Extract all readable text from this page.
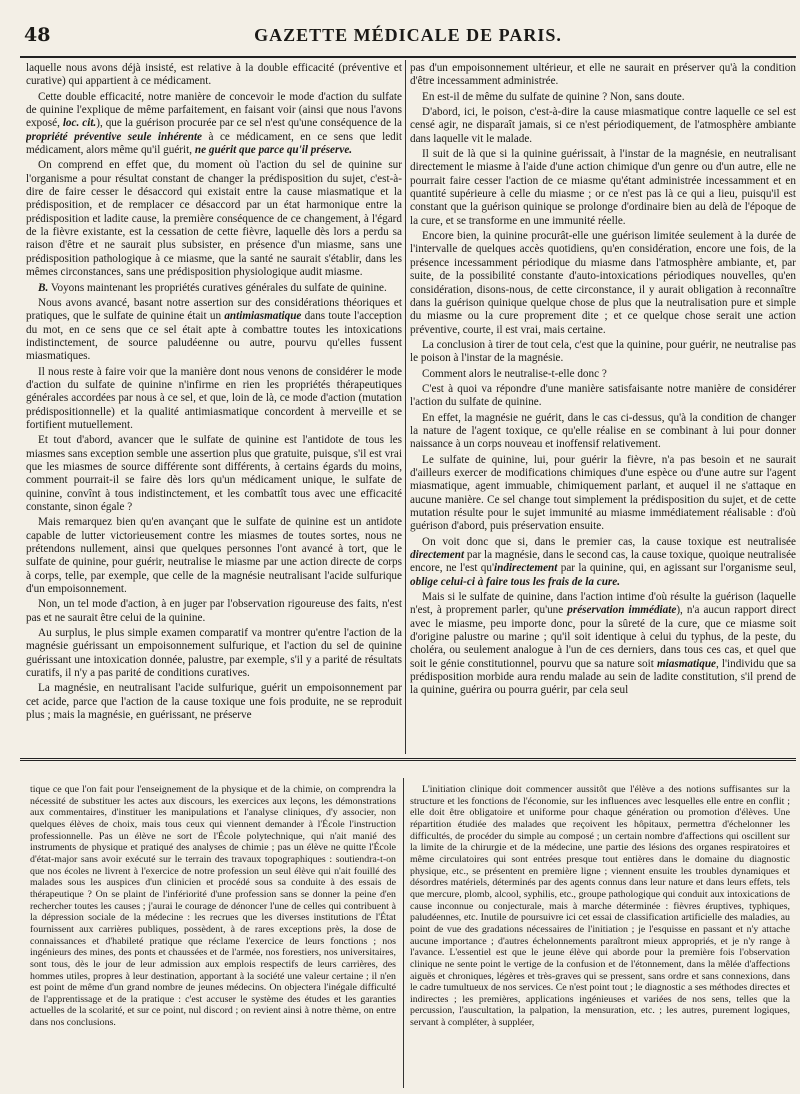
48	GAZETTE MÉDICALE DE PARIS.

laquelle nous avons déjà insisté, est relative à la double efficacité (préventive et curative) qui appartient à ce médicament.

Cette double efficacité, notre manière de concevoir le mode d'action du sulfate de quinine l'explique de même parfaitement, en faisant voir (ainsi que nous l'avons exposé, loc. cit.), que la guérison procurée par ce sel n'est qu'une conséquence de la propriété préventive seule inhérente à ce médicament, en ce sens que ledit médicament, alors même qu'il guérit, ne guérit que parce qu'il préserve.

On comprend en effet que, du moment où l'action du sel de quinine sur l'organisme a pour résultat constant de changer la prédisposition du sujet, c'est-à-dire de faire cesser le désaccord qui existait entre la cause miasmatique et la prédisposition, et de remplacer ce désaccord par un état harmonique entre la prédisposition et ladite cause, la première conséquence de ce changement, à l'égard de la fièvre existante, est la cessation de cette fièvre, laquelle dès lors a perdu sa raison d'être et ne saurait plus subsister, en présence d'un miasme, sans une prédisposition pathologique à ce miasme, que la santé ne saurait s'établir, dans les mêmes circonstances, sans une prédisposition physiologique audit miasme.

B. Voyons maintenant les propriétés curatives générales du sulfate de quinine.

Nous avons avancé, basant notre assertion sur des considérations théoriques et pratiques, que le sulfate de quinine était un antimiasmatique dans toute l'acception du mot, en ce sens que ce sel était apte à combattre toutes les intoxications indistinctement, de source paludéenne ou autre, pourvu qu'elles fussent miasmatiques.

Il nous reste à faire voir que la manière dont nous venons de considérer le mode d'action du sulfate de quinine n'infirme en rien les propriétés thérapeutiques générales accordées par nous à ce sel, et que, loin de là, ce mode d'action (mutation prédispositionnelle) et la qualité antimiasmatique concordent à merveille et se fortifient mutuellement.

Et tout d'abord, avancer que le sulfate de quinine est l'antidote de tous les miasmes sans exception semble une assertion plus que gratuite, puisque, s'il est vrai que les miasmes de source différente sont différents, à certains égards du moins, comment pourrait-il se faire dès lors qu'un médicament unique, le sulfate de quinine, convînt à tous indistinctement, et les combattît tous avec une efficacité constante, sinon égale ?

Mais remarquez bien qu'en avançant que le sulfate de quinine est un antidote capable de lutter victorieusement contre les miasmes de toutes sortes, nous ne prétendons nullement, ainsi que quelques personnes l'ont avancé à tort, que le sulfate de quinine, pour guérir, neutralise le miasme par une action directe de corps à corps, telle, par exemple, que celle de la magnésie neutralisant l'acide sulfurique d'un empoisonnement.

Non, un tel mode d'action, à en juger par l'observation rigoureuse des faits, n'est pas et ne saurait être celui de la quinine.

Au surplus, le plus simple examen comparatif va montrer qu'entre l'action de la magnésie guérissant un empoisonnement sulfurique, et l'action du sel de quinine guérissant une intoxication donnée, palustre, par exemple, s'il y a parité de résultats curatifs, il n'y a pas parité de conditions curatives.

La magnésie, en neutralisant l'acide sulfurique, guérit un empoisonnement par cet acide, parce que l'action de la cause toxique une fois produite, ne se reproduit plus ; mais la magnésie, en guérissant, ne préserve

pas d'un empoisonnement ultérieur, et elle ne saurait en préserver qu'à la condition d'être incessamment administrée.

En est-il de même du sulfate de quinine ? Non, sans doute.

D'abord, ici, le poison, c'est-à-dire la cause miasmatique contre laquelle ce sel est censé agir, ne disparaît jamais, si ce n'est périodiquement, de l'atmosphère ambiante dans laquelle vit le malade.

Il suit de là que si la quinine guérissait, à l'instar de la magnésie, en neutralisant directement le miasme à l'aide d'une action chimique d'un genre ou d'un autre, elle ne pourrait faire cesser l'action de ce miasme qu'étant administrée incessamment et en quantité supérieure à celle du miasme ; or ce n'est pas là ce qui a lieu, puisqu'il est constant que la guérison quinique se prolonge d'ordinaire bien au delà de l'époque de la cure, et se transforme en une immunité réelle.

Encore bien, la quinine procurât-elle une guérison limitée seulement à la durée de l'intervalle de quelques accès quotidiens, qu'en considération, encore une fois, de la présence incessamment périodique du miasme dans l'atmosphère ambiante, et, par suite, de la possibilité constante d'auto-intoxications périodiques nouvelles, qu'en considération, disons-nous, de cette circonstance, il y aurait obligation à reconnaître dans la guérison quinique quelque chose de plus que la neutralisation pure et simple du miasme ou la cure proprement dite ; et ce quelque chose serait une action préventive, courte, il est vrai, mais certaine.

La conclusion à tirer de tout cela, c'est que la quinine, pour guérir, ne neutralise pas le poison à l'instar de la magnésie.

Comment alors le neutralise-t-elle donc ?

C'est à quoi va répondre d'une manière satisfaisante notre manière de considérer l'action du sulfate de quinine.

En effet, la magnésie ne guérit, dans le cas ci-dessus, qu'à la condition de changer la nature de l'agent toxique, ce qu'elle réalise en se combinant à lui pour donner naissance à un corps nouveau et inoffensif relativement.

Le sulfate de quinine, lui, pour guérir la fièvre, n'a pas besoin et ne saurait d'ailleurs exercer de modifications chimiques d'une espèce ou d'une autre sur l'agent miasmatique, agent immuable, chimiquement parlant, et auquel il ne s'attaque en aucune manière. Ce sel change tout simplement la prédisposition du sujet, et de cette mutation résulte pour le sujet immunité au miasme immédiatement réalisable : d'où guérison d'abord, puis préservation ensuite.

On voit donc que si, dans le premier cas, la cause toxique est neutralisée directement par la magnésie, dans le second cas, la cause toxique, quoique neutralisée encore, ne l'est qu'indirectement par la quinine, qui, en agissant sur l'organisme seul, oblige celui-ci à faire tous les frais de la cure.

Mais si le sulfate de quinine, dans l'action intime d'où résulte la guérison (laquelle n'est, à proprement parler, qu'une préservation immédiate), n'a aucun rapport direct avec le miasme, peu importe donc, pour la sûreté de la cure, que ce miasme soit d'origine palustre ou marine ; qu'il soit identique à celui du typhus, de la peste, du choléra, ou seulement analogue à l'un de ces derniers, dans tous ces cas, et quel que soit le génie constitutionnel, pourvu que sa nature soit miasmatique, l'individu que sa prédisposition morbide aura rendu malade au sein de ladite constitution, s'il prend de la quinine, guérira ou pourra guérir, par cela seul

tique ce que l'on fait pour l'enseignement de la physique et de la chimie, on comprendra la nécessité de substituer les actes aux discours, les exercices aux leçons, les démonstrations aux commentaires, d'instituer les manipulations et l'analyse cliniques, d'y associer, non quelques élèves de choix, mais tous ceux qui viennent demander à l'École l'instruction professionnelle. Pas un élève ne sort de l'École polytechnique, qui n'ait manié des instruments de physique et pratiqué des analyses de chimie ; pas un élève ne quitte l'École d'état-major sans avoir exécuté sur le terrain des travaux topographiques : soutiendra-t-on que nos écoles ne livrent à l'exercice de notre profession un seul élève qui n'ait fouillé des malades sous les auspices d'un clinicien et procédé sous sa conduite à des essais de thérapeutique ? On se plaint de l'infériorité d'une profession sans se donner la peine d'en rechercher toutes les causes ; j'aurai le courage de dénoncer l'une de celles qui contribuent à la dépression sociale de la médecine : les recrues que les diverses institutions de l'État fournissent aux carrières publiques, possèdent, à de rares exceptions près, la dose de connaissances et d'habileté pratique que réclame l'exercice de leurs fonctions ; nos ingénieurs des mines, des ponts et chaussées et de l'armée, nos forestiers, nos universitaires, sont tous, dès le jour de leur admission aux emplois respectifs de leurs carrières, des hommes utiles, propres à leur destination, apportant à la société une valeur certaine ; il n'en est point de même d'un grand nombre de jeunes médecins. On objectera l'inégale difficulté de l'apprentissage et de la pratique : c'est accuser le système des études et les garanties actuelles de la scolarité, et sur ce point, nul discord ; on revient ainsi à notre thème, on entre dans nos conclusions.

L'initiation clinique doit commencer aussitôt que l'élève a des notions suffisantes sur la structure et les fonctions de l'économie, sur les influences avec lesquelles elle entre en conflit ; elle doit être obligatoire et uniforme pour chaque génération ou promotion d'élèves. Une répartition étudiée des malades que reçoivent les hôpitaux, permettra d'échelonner les difficultés, de procéder du simple au composé ; un certain nombre d'affections qui oscillent sur la limite de la chirurgie et de la médecine, une partie des lésions des organes respiratoires et même circulatoires qui sont entrées presque tout entières dans le domaine du diagnostic physique, etc., se présentent en première ligne ; viennent ensuite les troubles dynamiques et désordres matériels, déterminés par des agents connus dans leur nature et dans leurs effets, tels que mercure, plomb, alcool, syphilis, etc., groupe pathologique qui conduit aux intoxications de cause inconnue ou conjecturale, mais à marche déterminée : fièvres éruptives, typhiques, paludéennes, etc. Inutile de poursuivre ici cet essai de classification artificielle des maladies, au point de vue des gradations nécessaires de l'initiation ; je l'esquisse en passant et n'y attache aucune importance ; d'autres échelonnements paraîtront mieux appropriés, et je n'y range à l'avance. L'essentiel est que le jeune élève qui aborde pour la première fois l'observation clinique ne sente point le vertige de la confusion et de l'étonnement, dans la mêlée d'affections aiguës et chroniques, légères et très-graves qui se pressent, sans ordre et sans connexions, dans le cadre tumultueux de nos services. Ce n'est point tout ; le diagnostic a ses méthodes directes et indirectes ; les premières, applications ingénieuses et variées de nos sens, telles que la percussion, l'auscultation, la palpation, la mensuration, etc. ; les autres, purement logiques, servant à compléter, à suppléer,
